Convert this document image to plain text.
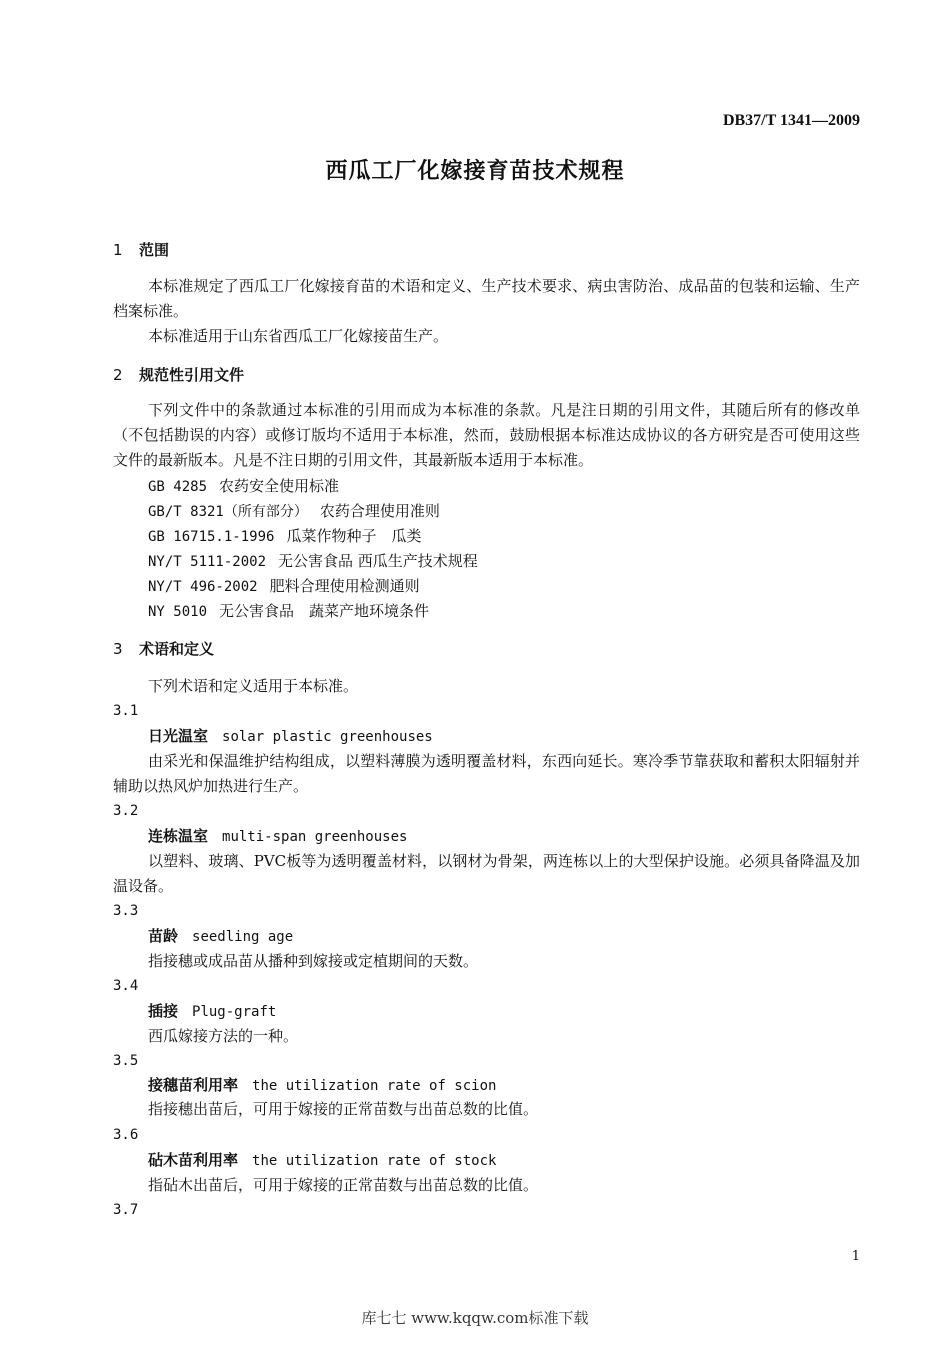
DB37/T 1341—2009
西瓜工厂化嫁接育苗技术规程
1 范围
本标准规定了西瓜工厂化嫁接育苗的术语和定义、生产技术要求、病虫害防治、成品苗的包装和运输、生产档案标准。
本标准适用于山东省西瓜工厂化嫁接苗生产。
2 规范性引用文件
下列文件中的条款通过本标准的引用而成为本标准的条款。凡是注日期的引用文件，其随后所有的修改单（不包括勘误的内容）或修订版均不适用于本标准，然而，鼓励根据本标准达成协议的各方研究是否可使用这些文件的最新版本。凡是不注日期的引用文件，其最新版本适用于本标准。
GB 4285 农药安全使用标准
GB/T 8321（所有部分） 农药合理使用准则
GB 16715.1-1996 瓜菜作物种子　瓜类
NY/T 5111-2002 无公害食品 西瓜生产技术规程
NY/T 496-2002 肥料合理使用检测通则
NY 5010 无公害食品　蔬菜产地环境条件
3 术语和定义
下列术语和定义适用于本标准。
3.1
日光温室 solar plastic greenhouses
由采光和保温维护结构组成，以塑料薄膜为透明覆盖材料，东西向延长。寒冷季节靠获取和蓄积太阳辐射并辅助以热风炉加热进行生产。
3.2
连栋温室 multi-span greenhouses
以塑料、玻璃、PVC板等为透明覆盖材料，以钢材为骨架，两连栋以上的大型保护设施。必须具备降温及加温设备。
3.3
苗龄 seedling age
指接穗或成品苗从播种到嫁接或定植期间的天数。
3.4
插接 Plug-graft
西瓜嫁接方法的一种。
3.5
接穗苗利用率 the utilization rate of scion
指接穗出苗后，可用于嫁接的正常苗数与出苗总数的比值。
3.6
砧木苗利用率 the utilization rate of stock
指砧木出苗后，可用于嫁接的正常苗数与出苗总数的比值。
3.7
1
库七七 www.kqqw.com标准下载
